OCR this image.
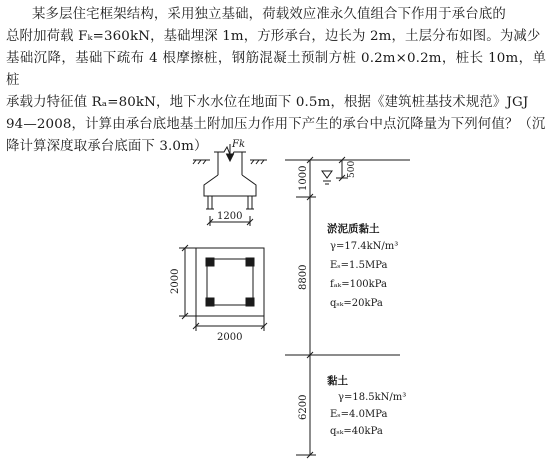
某多层住宅框架结构，采用独立基础，荷载效应准永久值组合下作用于承台底的
总附加荷载 Fₖ=360kN，基础埋深 1m，方形承台，边长为 2m，土层分布如图。为减少
基础沉降，基础下疏布 4 根摩擦桩，钢筋混凝土预制方桩 0.2m×0.2m，桩长 10m，单桩
承载力特征值 Rₐ=80kN，地下水水位在地面下 0.5m，根据《建筑桩基技术规范》JGJ
94—2008，计算由承台底地基土附加压力作用下产生的承台中点沉降量为下列何值？（沉
降计算深度取承台底面下 3.0m）	Fk
1200
2000
2000
1000	500
8800
6200
淤泥质黏土
γ=17.4kN/m³
Eₛ=1.5MPa
fₐₖ=100kPa
qₛₖ=20kPa
黏土
γ=18.5kN/m³
Eₛ=4.0MPa
qₛₖ=40kPa
